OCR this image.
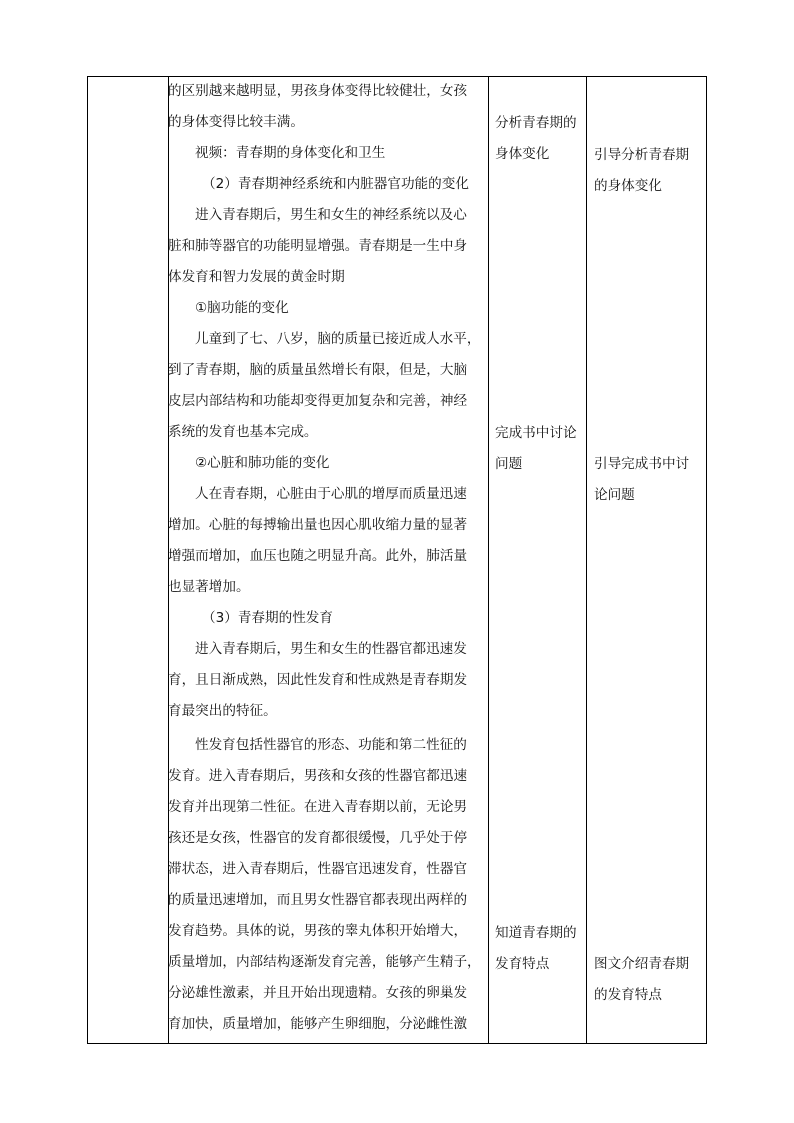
的区别越来越明显，男孩身体变得比较健壮，女孩
的身体变得比较丰满。
视频：青春期的身体变化和卫生
（2）青春期神经系统和内脏器官功能的变化
进入青春期后，男生和女生的神经系统以及心
脏和肺等器官的功能明显增强。青春期是一生中身
体发育和智力发展的黄金时期
①脑功能的变化
儿童到了七、八岁，脑的质量已接近成人水平，
到了青春期，脑的质量虽然增长有限，但是，大脑
皮层内部结构和功能却变得更加复杂和完善，神经
系统的发育也基本完成。
②心脏和肺功能的变化
人在青春期，心脏由于心肌的增厚而质量迅速
增加。心脏的每搏输出量也因心肌收缩力量的显著
增强而增加，血压也随之明显升高。此外，肺活量
也显著增加。
（3）青春期的性发育
进入青春期后，男生和女生的性器官都迅速发
育，且日渐成熟，因此性发育和性成熟是青春期发
育最突出的特征。
性发育包括性器官的形态、功能和第二性征的
发育。进入青春期后，男孩和女孩的性器官都迅速
发育并出现第二性征。在进入青春期以前，无论男
孩还是女孩，性器官的发育都很缓慢，几乎处于停
滞状态，进入青春期后，性器官迅速发育，性器官
的质量迅速增加，而且男女性器官都表现出两样的
发育趋势。具体的说，男孩的睾丸体积开始增大，
质量增加，内部结构逐渐发育完善，能够产生精子，
分泌雄性激素，并且开始出现遗精。女孩的卵巢发
育加快，质量增加，能够产生卵细胞，分泌雌性激
分析青春期的
身体变化
完成书中讨论
问题
知道青春期的
发育特点
引导分析青春期
的身体变化
引导完成书中讨
论问题
图文介绍青春期
的发育特点
